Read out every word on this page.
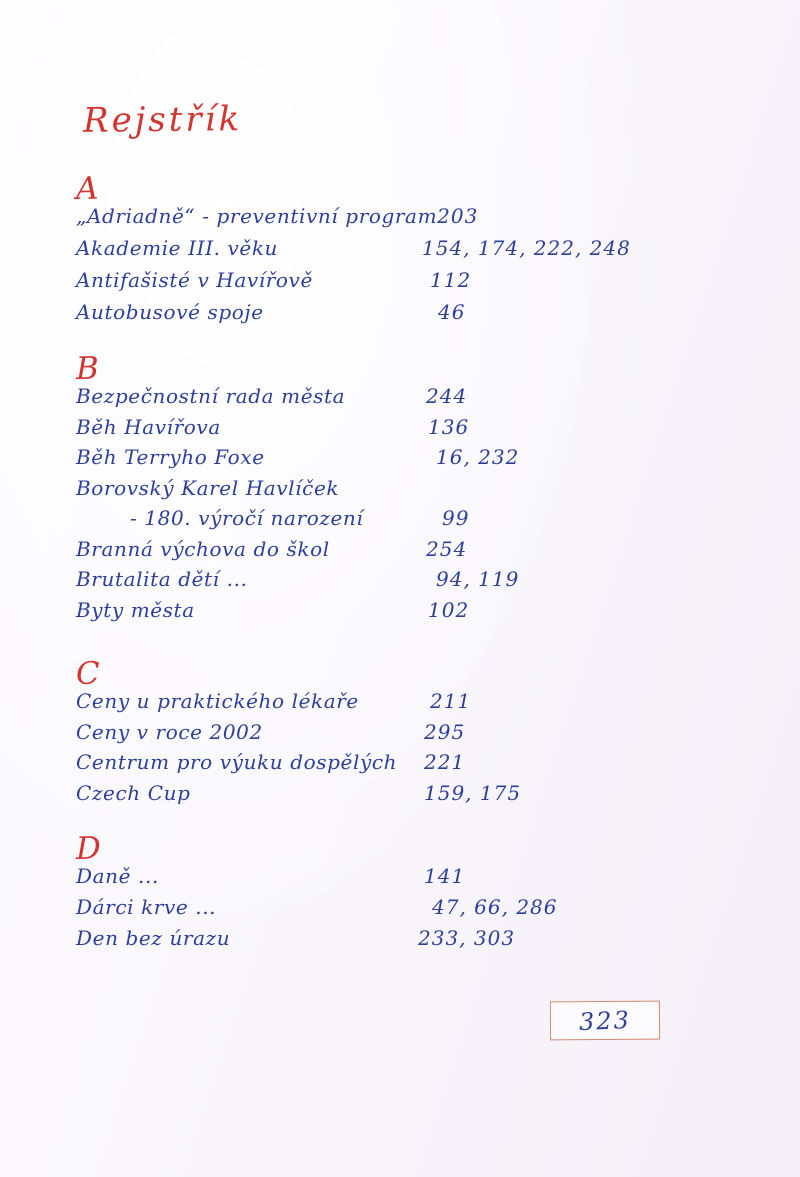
Rejstřík
A
„Adriadně“ - preventivní program 203
Akademie III. věku	154, 174, 222, 248
Antifašisté v Havířově	112
Autobusové spoje	46
B
Bezpečnostní rada města	244
Běh Havířova	136
Běh Terryho Foxe	16, 232
Borovský Karel Havlíček
- 180. výročí narození	99
Branná výchova do škol	254
Brutalita dětí ...	94, 119
Byty města	102
C
Ceny u praktického lékaře	211
Ceny v roce 2002	295
Centrum pro výuku dospělých	221
Czech Cup	159, 175
D
Daně ...	141
Dárci krve ...	47, 66, 286
Den bez úrazu	233, 303
323
